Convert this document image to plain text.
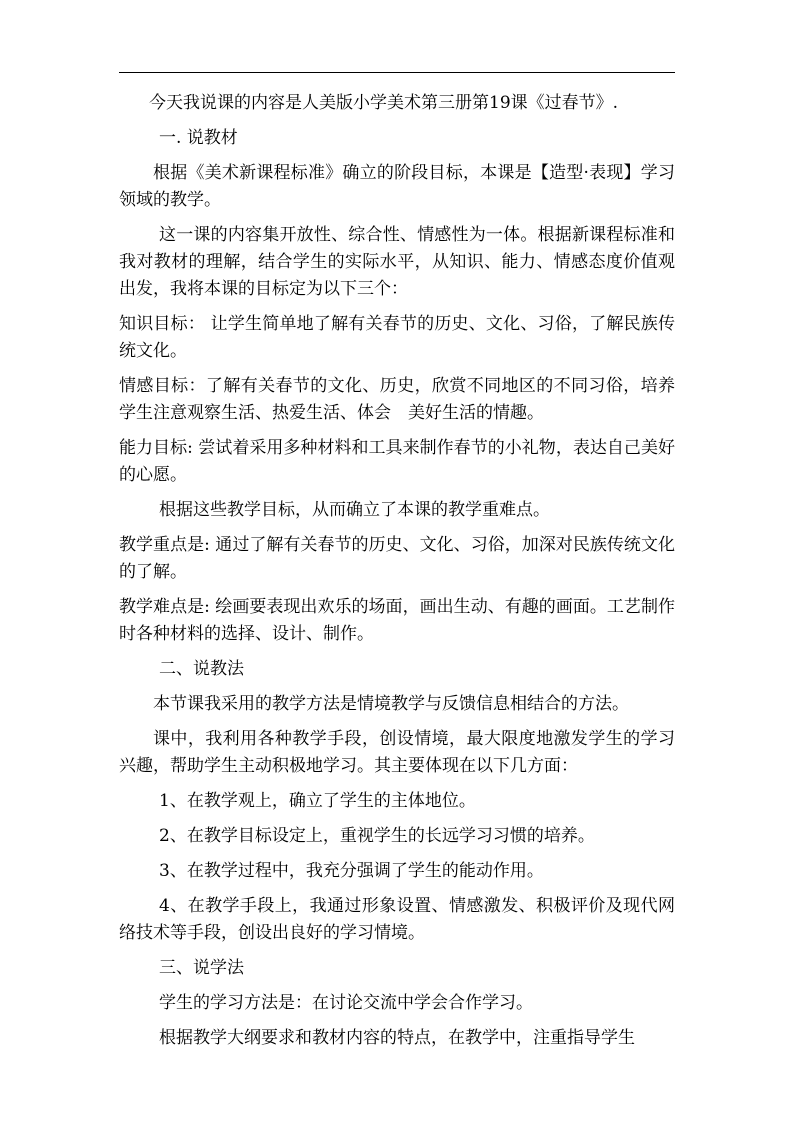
今天我说课的内容是人美版小学美术第三册第19课《过春节》.

一. 说教材

根据《美术新课程标准》确立的阶段目标，本课是【造型·表现】学习领域的教学。

这一课的内容集开放性、综合性、情感性为一体。根据新课程标准和我对教材的理解，结合学生的实际水平，从知识、能力、情感态度价值观出发，我将本课的目标定为以下三个：

知识目标： 让学生简单地了解有关春节的历史、文化、习俗，了解民族传统文化。

情感目标：了解有关春节的文化、历史，欣赏不同地区的不同习俗，培养学生注意观察生活、热爱生活、体会　美好生活的情趣。

能力目标: 尝试着采用多种材料和工具来制作春节的小礼物，表达自己美好的心愿。

根据这些教学目标，从而确立了本课的教学重难点。

教学重点是: 通过了解有关春节的历史、文化、习俗，加深对民族传统文化的了解。

教学难点是: 绘画要表现出欢乐的场面，画出生动、有趣的画面。工艺制作时各种材料的选择、设计、制作。

二、说教法

本节课我采用的教学方法是情境教学与反馈信息相结合的方法。

课中，我利用各种教学手段，创设情境，最大限度地激发学生的学习兴趣，帮助学生主动积极地学习。其主要体现在以下几方面：

1、在教学观上，确立了学生的主体地位。

2、在教学目标设定上，重视学生的长远学习习惯的培养。

3、在教学过程中，我充分强调了学生的能动作用。

4、在教学手段上，我通过形象设置、情感激发、积极评价及现代网络技术等手段，创设出良好的学习情境。

三、说学法

学生的学习方法是：在讨论交流中学会合作学习。

根据教学大纲要求和教材内容的特点，在教学中，注重指导学生
